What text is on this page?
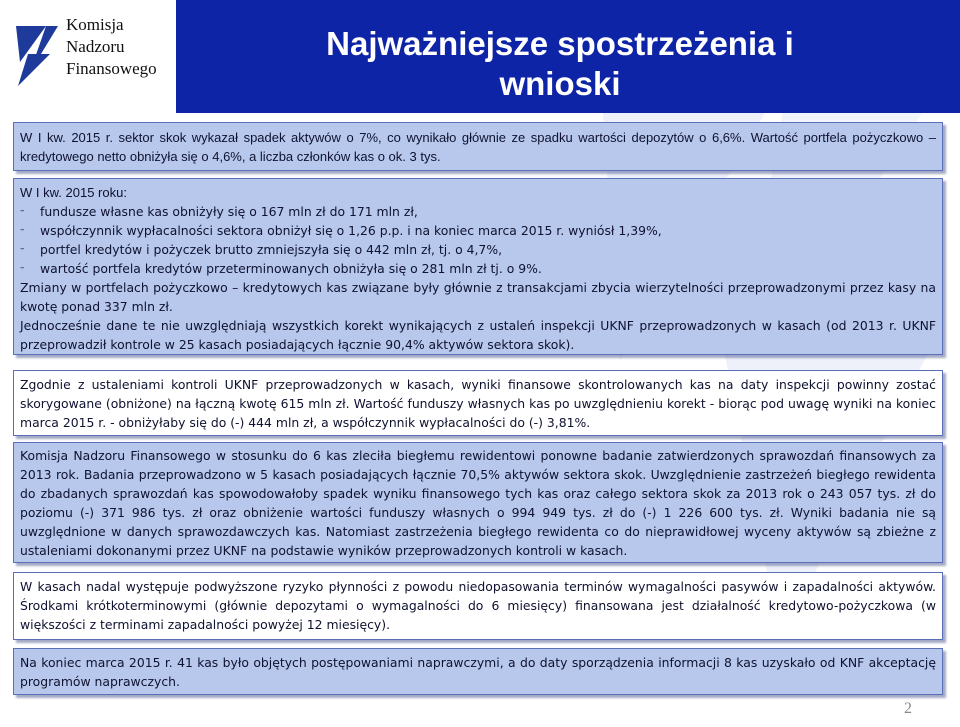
Komisja
Nadzoru
Finansowego
Najważniejsze spostrzeżenia i
wnioski

W I kw. 2015 r. sektor skok wykazał spadek aktywów o 7%, co wynikało głównie ze spadku wartości depozytów o 6,6%. Wartość portfela pożyczkowo – kredytowego netto obniżyła się o 4,6%, a liczba członków kas o ok. 3 tys.

W I kw. 2015 roku:

–	fundusze własne kas obniżyły się o 167 mln zł do 171 mln zł,
–	współczynnik wypłacalności sektora obniżył się o 1,26 p.p. i na koniec marca 2015 r. wyniósł 1,39%,
–	portfel kredytów i pożyczek brutto zmniejszyła się o 442 mln zł, tj. o 4,7%,
–	wartość portfela kredytów przeterminowanych obniżyła się o 281 mln zł tj. o 9%.

Zmiany w portfelach pożyczkowo – kredytowych kas związane były głównie z transakcjami zbycia wierzytelności przeprowadzonymi przez kasy na kwotę ponad 337 mln zł.

Jednocześnie dane te nie uwzględniają wszystkich korekt wynikających z ustaleń inspekcji UKNF przeprowadzonych w kasach (od 2013 r. UKNF przeprowadził kontrole w 25 kasach posiadających łącznie 90,4% aktywów sektora skok).

Zgodnie z ustaleniami kontroli UKNF przeprowadzonych w kasach, wyniki finansowe skontrolowanych kas na daty inspekcji powinny zostać skorygowane (obniżone) na łączną kwotę 615 mln zł. Wartość funduszy własnych kas po uwzględnieniu korekt - biorąc pod uwagę wyniki na koniec marca 2015 r. - obniżyłaby się do (-) 444 mln zł, a współczynnik wypłacalności do (-) 3,81%.

Komisja Nadzoru Finansowego w stosunku do 6 kas zleciła biegłemu rewidentowi ponowne badanie zatwierdzonych sprawozdań finansowych za 2013 rok. Badania przeprowadzono w 5 kasach posiadających łącznie 70,5% aktywów sektora skok. Uwzględnienie zastrzeżeń biegłego rewidenta do zbadanych sprawozdań kas spowodowałoby spadek wyniku finansowego tych kas oraz całego sektora skok za 2013 rok o 243 057 tys. zł do poziomu (-) 371 986 tys. zł oraz obniżenie wartości funduszy własnych o 994 949 tys. zł do (-) 1 226 600 tys. zł. Wyniki badania nie są uwzględnione w danych sprawozdawczych kas. Natomiast zastrzeżenia biegłego rewidenta co do nieprawidłowej wyceny aktywów są zbieżne z ustaleniami dokonanymi przez UKNF na podstawie wyników przeprowadzonych kontroli w kasach.

W kasach nadal występuje podwyższone ryzyko płynności z powodu niedopasowania terminów wymagalności pasywów i zapadalności aktywów. Środkami krótkoterminowymi (głównie depozytami o wymagalności do 6 miesięcy) finansowana jest działalność kredytowo-pożyczkowa (w większości z terminami zapadalności powyżej 12 miesięcy).

Na koniec marca 2015 r. 41 kas było objętych postępowaniami naprawczymi, a do daty sporządzenia informacji 8 kas uzyskało od KNF akceptację programów naprawczych.

2
